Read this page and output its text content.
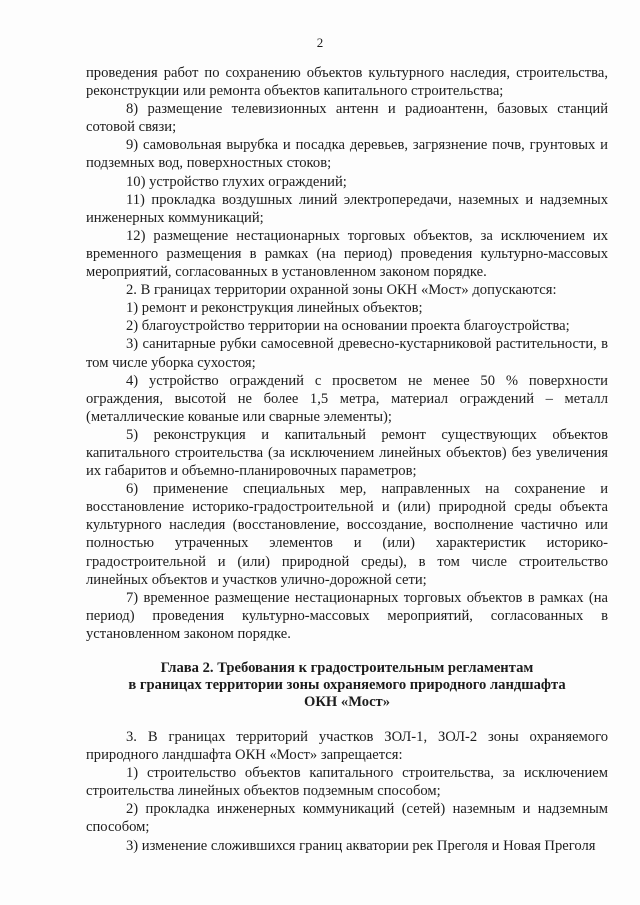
2

проведения работ по сохранению объектов культурного наследия, строительства, реконструкции или ремонта объектов капитального строительства;

8) размещение телевизионных антенн и радиоантенн, базовых станций сотовой связи;

9) самовольная вырубка и посадка деревьев, загрязнение почв, грунтовых и подземных вод, поверхностных стоков;

10) устройство глухих ограждений;

11) прокладка воздушных линий электропередачи, наземных и надземных инженерных коммуникаций;

12) размещение нестационарных торговых объектов, за исключением их временного размещения в рамках (на период) проведения культурно-массовых мероприятий, согласованных в установленном законом порядке.

2. В границах территории охранной зоны ОКН «Мост» допускаются:

1) ремонт и реконструкция линейных объектов;

2) благоустройство территории на основании проекта благоустройства;

3) санитарные рубки самосевной древесно-кустарниковой растительности, в том числе уборка сухостоя;

4) устройство ограждений с просветом не менее 50 % поверхности ограждения, высотой не более 1,5 метра, материал ограждений – металл (металлические кованые или сварные элементы);

5) реконструкция и капитальный ремонт существующих объектов капитального строительства (за исключением линейных объектов) без увеличения их габаритов и объемно-планировочных параметров;

6) применение специальных мер, направленных на сохранение и восстановление историко-градостроительной и (или) природной среды объекта культурного наследия (восстановление, воссоздание, восполнение частично или полностью утраченных элементов и (или) характеристик историко-градостроительной и (или) природной среды), в том числе строительство линейных объектов и участков улично-дорожной сети;

7) временное размещение нестационарных торговых объектов в рамках (на период) проведения культурно-массовых мероприятий, согласованных в установленном законом порядке.

Глава 2. Требования к градостроительным регламентам
в границах территории зоны охраняемого природного ландшафта
ОКН «Мост»

3. В границах территорий участков ЗОЛ-1, ЗОЛ-2 зоны охраняемого природного ландшафта ОКН «Мост» запрещается:

1) строительство объектов капитального строительства, за исключением строительства линейных объектов подземным способом;

2) прокладка инженерных коммуникаций (сетей) наземным и надземным способом;

3) изменение сложившихся границ акватории рек Преголя и Новая Преголя
